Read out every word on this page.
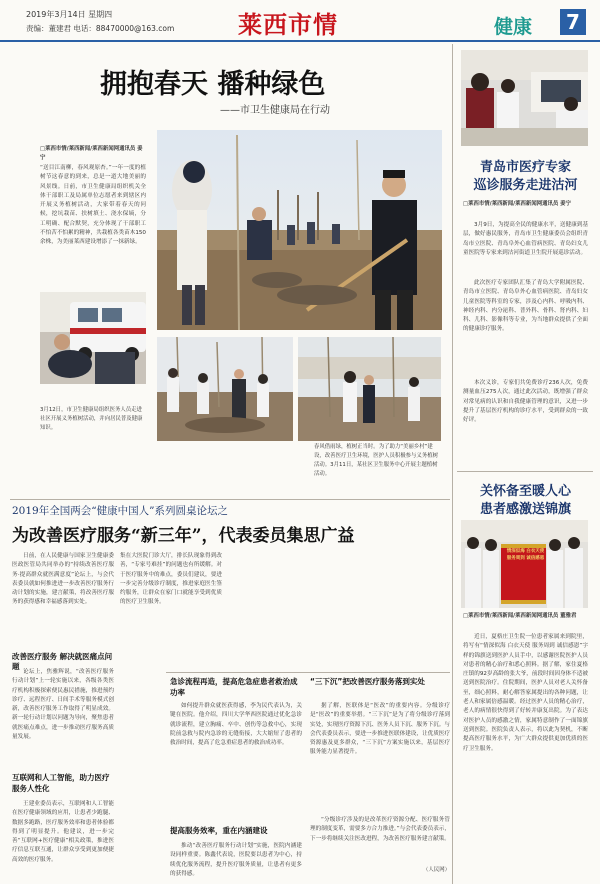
2019年3月14日 星期四
责编：董建君 电话：88470000@163.com	莱西市情	健康	7
拥抱春天 播种绿色
——市卫生健康局在行动
□莱西市情/莱西新闻/莱西新闻网通讯员 姜宁
“送目江南柳，春风观原杏。”一年一度的植树节这春意的到来，总是一道大地美丽的风景线。日前，市卫生健康局组织机关全体干部职工及局属单位志愿者来到辖区内开展义务植树活动，大家带着春天的问候，挖坑栽苗、扶树填土、浇水保墒，分工明确、配合默契，充分体现了干部职工不怕苦不怕累的精神，共栽植各类苗木150余株，为美丽莱西建设增添了一抹新绿。
3月12日，市卫生健康局组织医务人员走进社区开展义务植树活动，并向居民普及健康知识。
春风借雨绿，植树正当时。为了助力“美丽乡村”建设，改善医疗卫生环境，医护人员积极参与义务植树活动。3月11日，某社区卫生服务中心开展主题植树活动。
青岛市医疗专家
巡诊服务走进沽河
□莱西市情/莱西新闻/莱西新闻网通讯员 姜宁
3月9日，为提高全民的健康水平，送健康到基层，做好惠民服务，青岛市卫生健康委员会组织青岛市立医院、青岛阜外心血管病医院、青岛妇女儿童医院等专家来到沽河街道卫生院开展巡诊活动。
此次医疗专家团队汇集了青岛大学附属医院、青岛市立医院、青岛阜外心血管病医院、青岛妇女儿童医院等科室的专家，涉及心内科、呼吸内科、神经内科、内分泌科、普外科、骨科、肾内科、妇科、儿科、影像科等专业，为当地群众提供了全面的健康诊疗服务。
本次义诊，专家们共免费诊疗236人次，免费测量血压275人次，通过此次活动，既增强了群众对常见病的认识和自我健康管理的意识，又进一步提升了基层医疗机构的诊疗水平，受到群众的一致好评。
关怀备至暖人心
患者感激送锦旗
情深似海 白衣天使 服务周到 诚信感恩
□莱西市情/莱西新闻/莱西新闻网通讯员 董雅君
近日，夏格庄卫生院一位患者家属来到院里，将写有“情深似海 白衣天使 服务周到 诚信感恩”字样的锦旗送到医护人员手中，以感谢医院医护人员对患者的精心治疗和悉心照料。据了解，家住夏格庄镇的92岁高龄的张大爷，前段时间因身体不适被送到医院治疗。住院期间，医护人员对老人关怀备至，细心照料，耐心解答家属提出的各种问题，让老人和家属倍感温暖。经过医护人员的精心治疗，老人的病情很快得到了好转并康复出院。为了表达对医护人员的感激之情，家属特意制作了一面锦旗送到医院。医院负责人表示，将以此为契机，不断提高医疗服务水平，为广大群众提供更加优质的医疗卫生服务。
2019年全国两会“健康中国人”系列圆桌论坛之
为改善医疗服务“新三年”，代表委员集思广益
日前，在人民健康与国家卫生健康委医政医管局共同举办的“持续改善医疗服务·提高群众就医满意度”论坛上，与会代表委员就如何推进进一步改善医疗服务行动计划的实施，建言献策，将改善医疗服务的获得感和幸福感落到实处。
改善医疗服务 解决就医痛点问题
论坛上，焦雅辉说，“改善医疗服务行动计划”上一轮实施以来，各级各类医疗机构积极探索便民惠民措施，推进预约诊疗、远程医疗、日间手术等服务模式创新，改善医疗服务工作取得了明显成效。新一轮行动计划以问题为导向，聚焦患者就医痛点难点，进一步推动医疗服务高质量发展。
互联网和人工智能，助力医疗服务人性化
王建业委员表示，互联网和人工智能在医疗健康领域的应用，让患者少跑腿、数据多跑路，医疗服务效率和患者体验都得到了明显提升。他建议，进一步完善“互联网+医疗健康”相关政策，推进医疗信息互联互通，让群众享受到更加便捷高效的医疗服务。
集在大医院门诊大厅，排长队现象得到改善，“专家号难挂”的问题也有所缓解。对于医疗服务中的难点，委员们建议，要进一步完善分级诊疗制度，推进家庭医生签约服务，让群众在家门口就能享受到优质的医疗卫生服务。
急诊流程再造，提高危急症患者救治成功率
如何提升群众就医获得感，李为民代表认为，关键在医院。他介绍，四川大学华西医院通过优化急诊就诊流程，建立胸痛、卒中、创伤等急救中心，实现院前急救与院内急诊的无缝衔接，大大缩短了患者的救治时间，提高了危急重症患者的救治成功率。
提高服务效率，重在内涵建设
推动“改善医疗服务行动计划”实施，医院内涵建设同样重要。陈鑫代表说，医院要以患者为中心，持续优化服务流程，提升医疗服务质量，让患者有更多的获得感。
“三下沉”把改善医疗服务落到实处
据了解，医联体是“医改”的重要内容。分级诊疗是“医改”的重要举措。“三下沉”是为了将分级诊疗落到实处，实现医疗资源下沉、医务人员下沉、服务下沉。与会代表委员表示，要进一步推进医联体建设，让优质医疗资源惠及更多群众，“三下沉”方案实施以来，基层医疗服务能力显著提升。
“分级诊疗涉及的是改革医疗资源分配、医疗服务管理的制度变革，需要多方合力推进。”与会代表委员表示，下一步将继续关注医改进程，为改善医疗服务建言献策。
（人民网）
